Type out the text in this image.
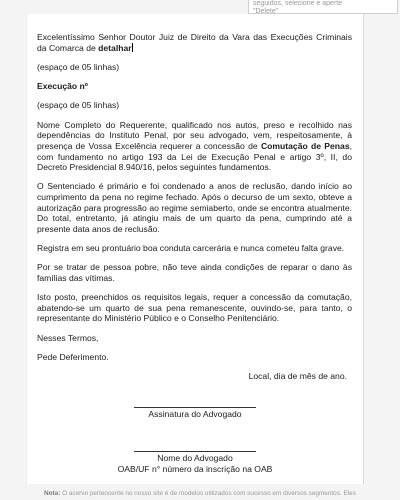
seguidos, selecione e aperte
"Delete"

Excelentíssimo Senhor Doutor Juiz de Direito da Vara das Execuções Criminais da Comarca de detalhar

(espaço de 05 linhas)

Execução nº

(espaço de 05 linhas)

Nome Completo do Requerente, qualificado nos autos, preso e recolhido nas dependências do Instituto Penal, por seu advogado, vem, respeitosamente, à presença de Vossa Excelência requerer a concessão de Comutação de Penas, com fundamento no artigo 193 da Lei de Execução Penal e artigo 3º, II, do Decreto Presidencial 8.940/16, pelos seguintes fundamentos.

O Sentenciado é primário e foi condenado a anos de reclusão, dando início ao cumprimento da pena no regime fechado. Após o decurso de um sexto, obteve a autorização para progressão ao regime semiaberto, onde se encontra atualmente. Do total, entretanto, já atingiu mais de um quarto da pena, cumprindo até a presente data anos de reclusão.

Registra em seu prontuário boa conduta carcerária e nunca cometeu falta grave.

Por se tratar de pessoa pobre, não teve ainda condições de reparar o dano às famílias das vítimas.

Isto posto, preenchidos os requisitos legais, requer a concessão da comutação, abatendo-se um quarto de sua pena remanescente, ouvindo-se, para tanto, o representante do Ministério Público e o Conselho Penitenciário.

Nesses Termos,

Pede Deferimento.

Local, dia de mês de ano.

Assinatura do Advogado
Nome do Advogado
OAB/UF n° número da inscrição na OAB
Nota: O acervo pertencente no nosso site é de modelos utilizados com sucesso em diversos segmentos. Eles
